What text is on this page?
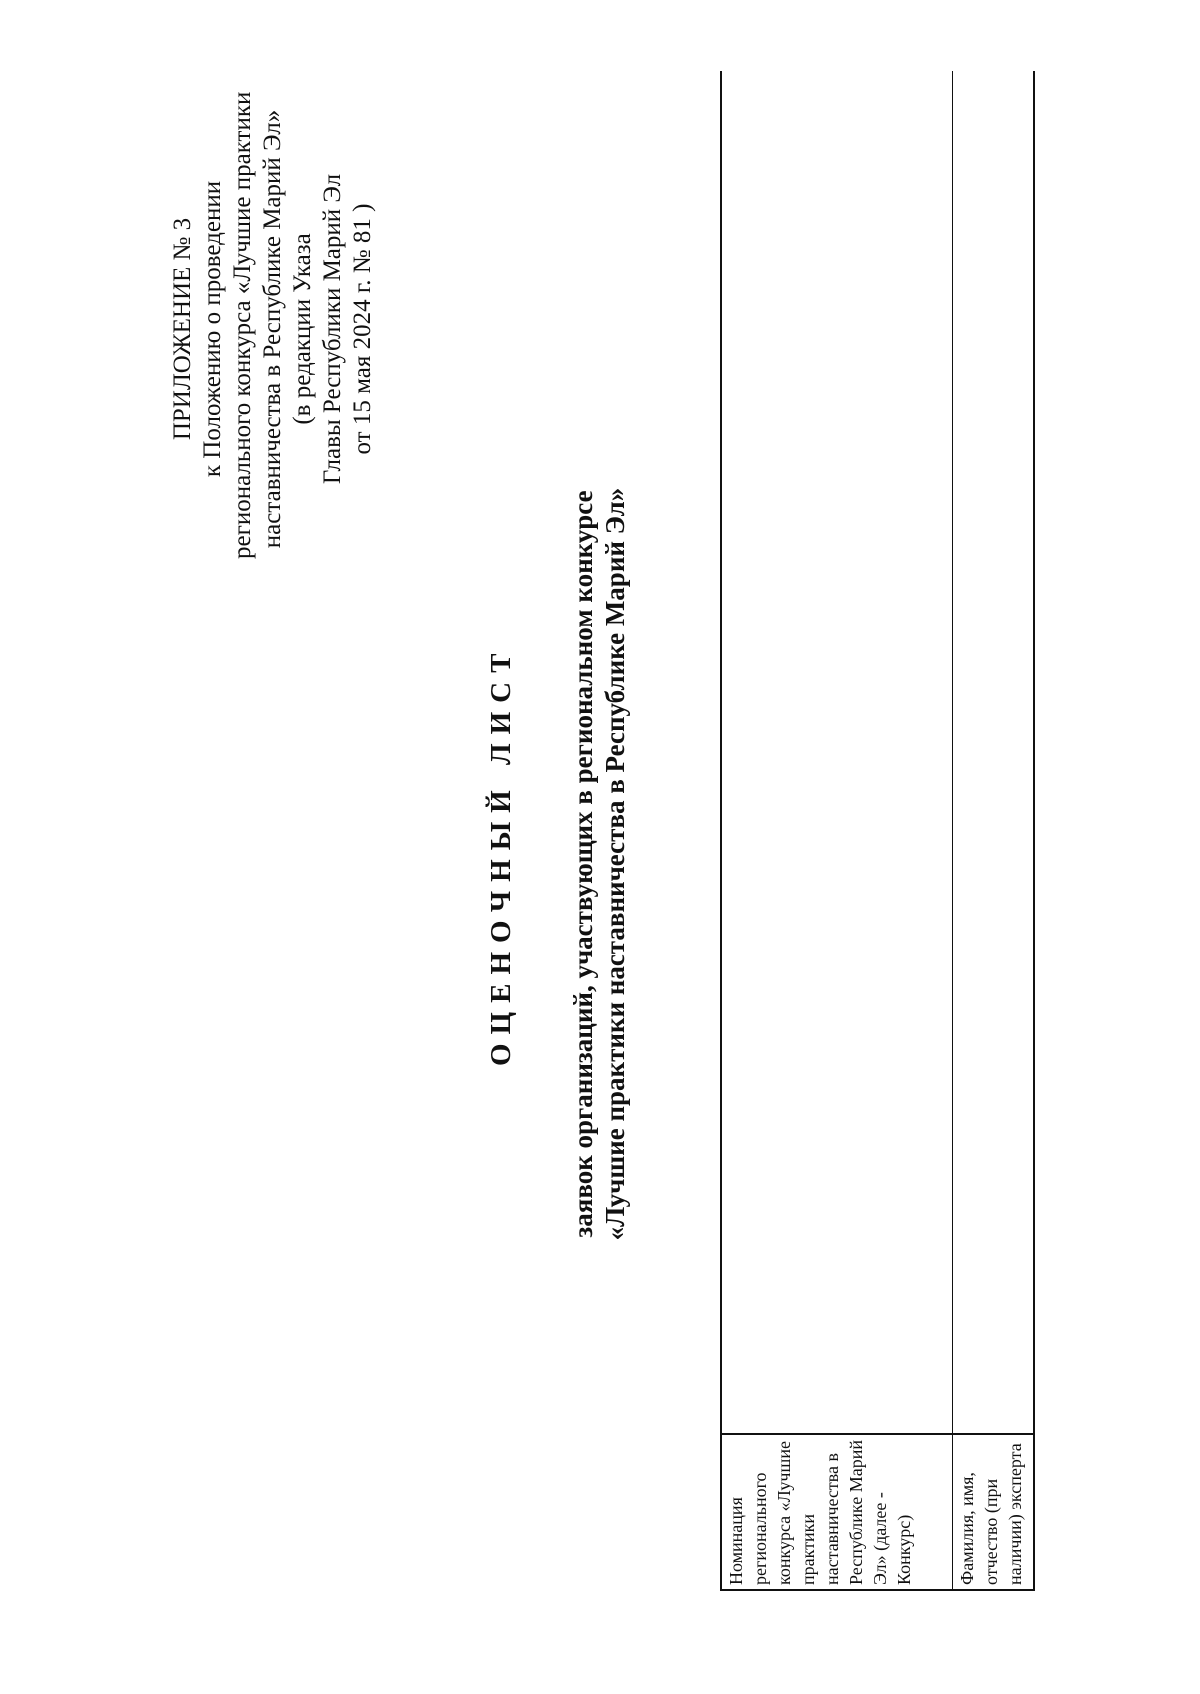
ПРИЛОЖЕНИЕ № 3 к Положению о проведении регионального конкурса «Лучшие практики наставничества в Республике Марий Эл» (в редакции Указа Главы Республики Марий Эл от 15 мая 2024 г. № 81 )
ОЦЕНОЧНЫЙ ЛИСТ заявок организаций, участвующих в региональном конкурсе «Лучшие практики наставничества в Республике Марий Эл»
Номинация регионального конкурса «Лучшие практики наставничества в Республике Марий Эл» (далее - Конкурс)	
Фамилия, имя, отчество (при наличии) эксперта	
